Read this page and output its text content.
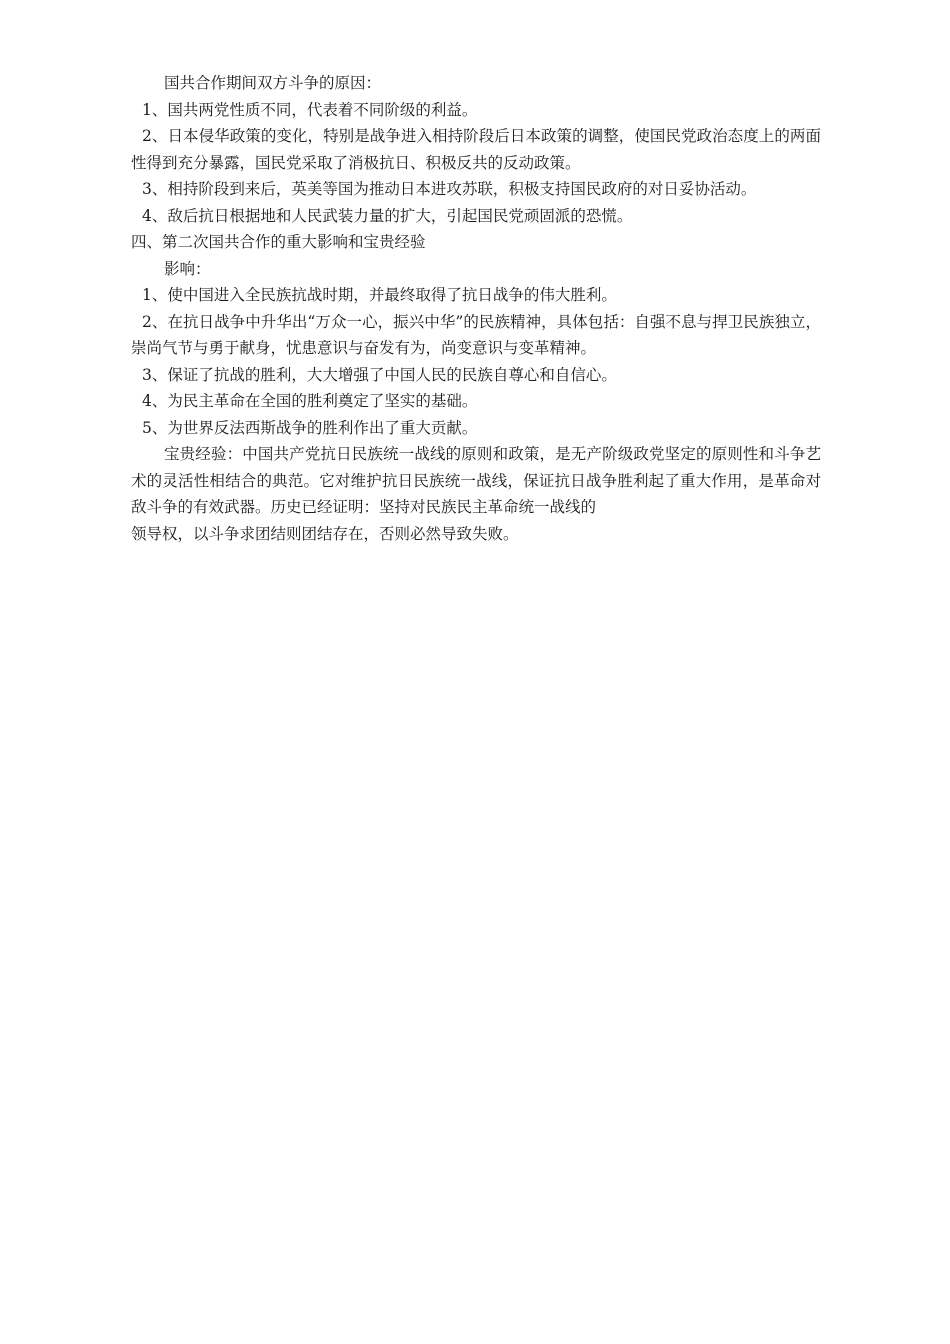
国共合作期间双方斗争的原因：

1、国共两党性质不同，代表着不同阶级的利益。

2、日本侵华政策的变化，特别是战争进入相持阶段后日本政策的调整，使国民党政治态度上的两面性得到充分暴露，国民党采取了消极抗日、积极反共的反动政策。

3、相持阶段到来后，英美等国为推动日本进攻苏联，积极支持国民政府的对日妥协活动。

4、敌后抗日根据地和人民武装力量的扩大，引起国民党顽固派的恐慌。

四、第二次国共合作的重大影响和宝贵经验

影响：

1、使中国进入全民族抗战时期，并最终取得了抗日战争的伟大胜利。

2、在抗日战争中升华出“万众一心，振兴中华”的民族精神，具体包括：自强不息与捍卫民族独立，崇尚气节与勇于献身，忧患意识与奋发有为，尚变意识与变革精神。

3、保证了抗战的胜利，大大增强了中国人民的民族自尊心和自信心。

4、为民主革命在全国的胜利奠定了坚实的基础。

5、为世界反法西斯战争的胜利作出了重大贡献。

宝贵经验：中国共产党抗日民族统一战线的原则和政策，是无产阶级政党坚定的原则性和斗争艺术的灵活性相结合的典范。它对维护抗日民族统一战线，保证抗日战争胜利起了重大作用，是革命对敌斗争的有效武器。历史已经证明：坚持对民族民主革命统一战线的

领导权，以斗争求团结则团结存在，否则必然导致失败。
